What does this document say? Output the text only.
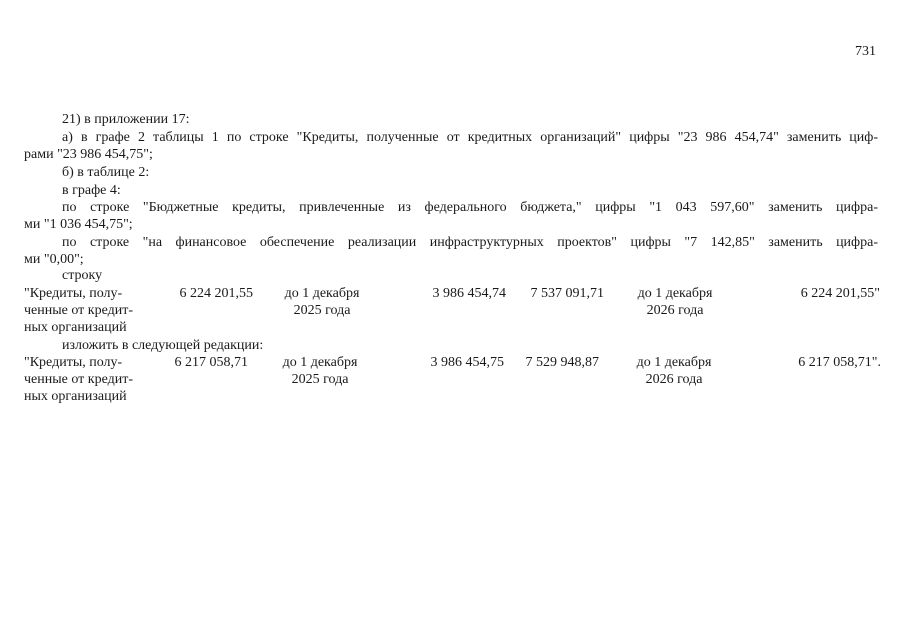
731
21) в приложении 17:
а) в графе 2 таблицы 1 по строке "Кредиты, полученные от кредитных организаций" цифры "23 986 454,74" заменить циф-
рами "23 986 454,75";
б) в таблице 2:
в графе 4:
по строке "Бюджетные кредиты, привлеченные из федерального бюджета," цифры "1 043 597,60" заменить цифра-
ми "1 036 454,75";
по строке "на финансовое обеспечение реализации инфраструктурных проектов" цифры "7 142,85" заменить цифра-
ми "0,00";
строку
"Кредиты, полу-
ченные от кредит-
ных организаций
6 224 201,55	до 1 декабря
2025 года
3 986 454,74	7 537 091,71	до 1 декабря
2026 года
6 224 201,55"
изложить в следующей редакции:
"Кредиты, полу-
ченные от кредит-
ных организаций
6 217 058,71	до 1 декабря
2025 года
3 986 454,75	7 529 948,87	до 1 декабря
2026 года
6 217 058,71".
